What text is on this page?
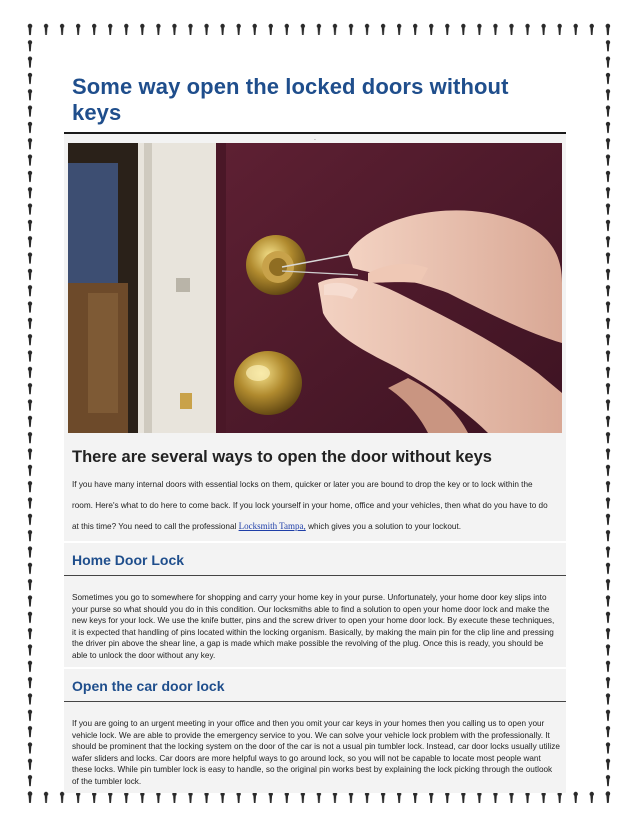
Some way open the locked doors without keys
.
There are several ways to open the door without keys

If you have many internal doors with essential locks on them, quicker or later you are bound to drop the key or to lock within the

room. Here's what to do here to come back. If you lock yourself in your home, office and your vehicles, then what do you have to do

at this time? You need to call the professional Locksmith Tampa, which gives you a solution to your lockout.

Home Door Lock

Sometimes you go to somewhere for shopping and carry your home key in your purse. Unfortunately, your home door key slips into your purse so what should you do in this condition. Our locksmiths able to find a solution to open your home door lock and make the new keys for your lock. We use the knife butter, pins and the screw driver to open your home door lock. By execute these techniques, it is expected that handling of pins located within the locking organism. Basically, by making the main pin for the clip line and pressing the driver pin above the shear line, a gap is made which make possible the revolving of the plug. Once this is ready, you should be able to unlock the door without any key.

Open the car door lock

If you are going to an urgent meeting in your office and then you omit your car keys in your homes then you calling us to open your vehicle lock. We are able to provide the emergency service to you. We can solve your vehicle lock problem with the professionally. It should be prominent that the locking system on the door of the car is not a usual pin tumbler lock. Instead, car door locks usually utilize wafer sliders and locks. Car doors are more helpful ways to go around lock, so you will not be capable to locate most people want these locks. While pin tumbler lock is easy to handle, so the original pin works best by explaining the lock picking through the outlook of the tumbler lock.
